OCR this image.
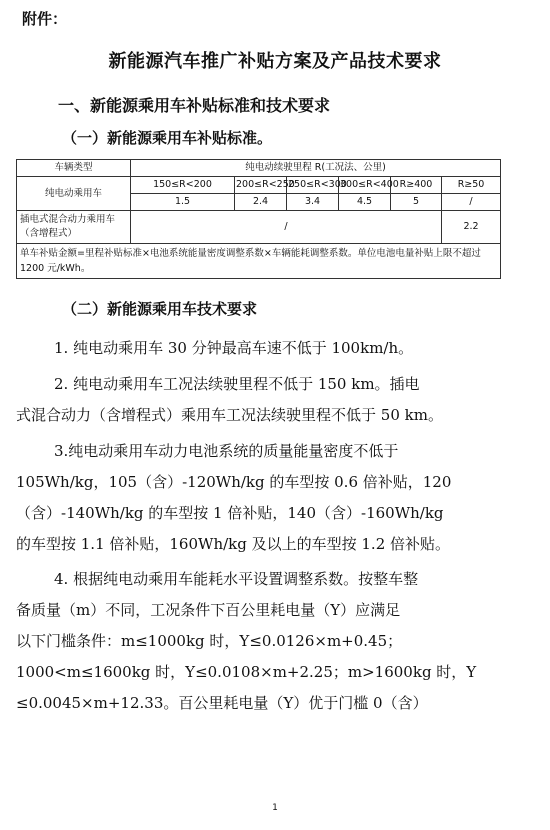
附件：
新能源汽车推广补贴方案及产品技术要求
一、新能源乘用车补贴标准和技术要求
（一）新能源乘用车补贴标准。
车辆类型	纯电动续驶里程 R(工况法、公里)					
纯电动乘用车	150≤R<200	200≤R<250	250≤R<300	300≤R<400	R≥400	R≥50
	1.5	2.4	3.4	4.5	5	/
插电式混合动力乘用车（含增程式）	/					2.2
单车补贴金额=里程补贴标准×电池系统能量密度调整系数×车辆能耗调整系数。单位电池电量补贴上限不超过 1200 元/kWh。						
（二）新能源乘用车技术要求
1. 纯电动乘用车 30 分钟最高车速不低于 100km/h。
2. 纯电动乘用车工况法续驶里程不低于 150 km。插电
式混合动力（含增程式）乘用车工况法续驶里程不低于 50 km。
3.纯电动乘用车动力电池系统的质量能量密度不低于
105Wh/kg，105（含）-120Wh/kg 的车型按 0.6 倍补贴，120
（含）-140Wh/kg 的车型按 1 倍补贴，140（含）-160Wh/kg
的车型按 1.1 倍补贴，160Wh/kg 及以上的车型按 1.2 倍补贴。
4. 根据纯电动乘用车能耗水平设置调整系数。按整车整
备质量（m）不同，工况条件下百公里耗电量（Y）应满足
以下门槛条件：m≤1000kg 时，Y≤0.0126×m+0.45；
1000<m≤1600kg 时，Y≤0.0108×m+2.25；m>1600kg 时，Y
≤0.0045×m+12.33。百公里耗电量（Y）优于门槛 0（含）
1
